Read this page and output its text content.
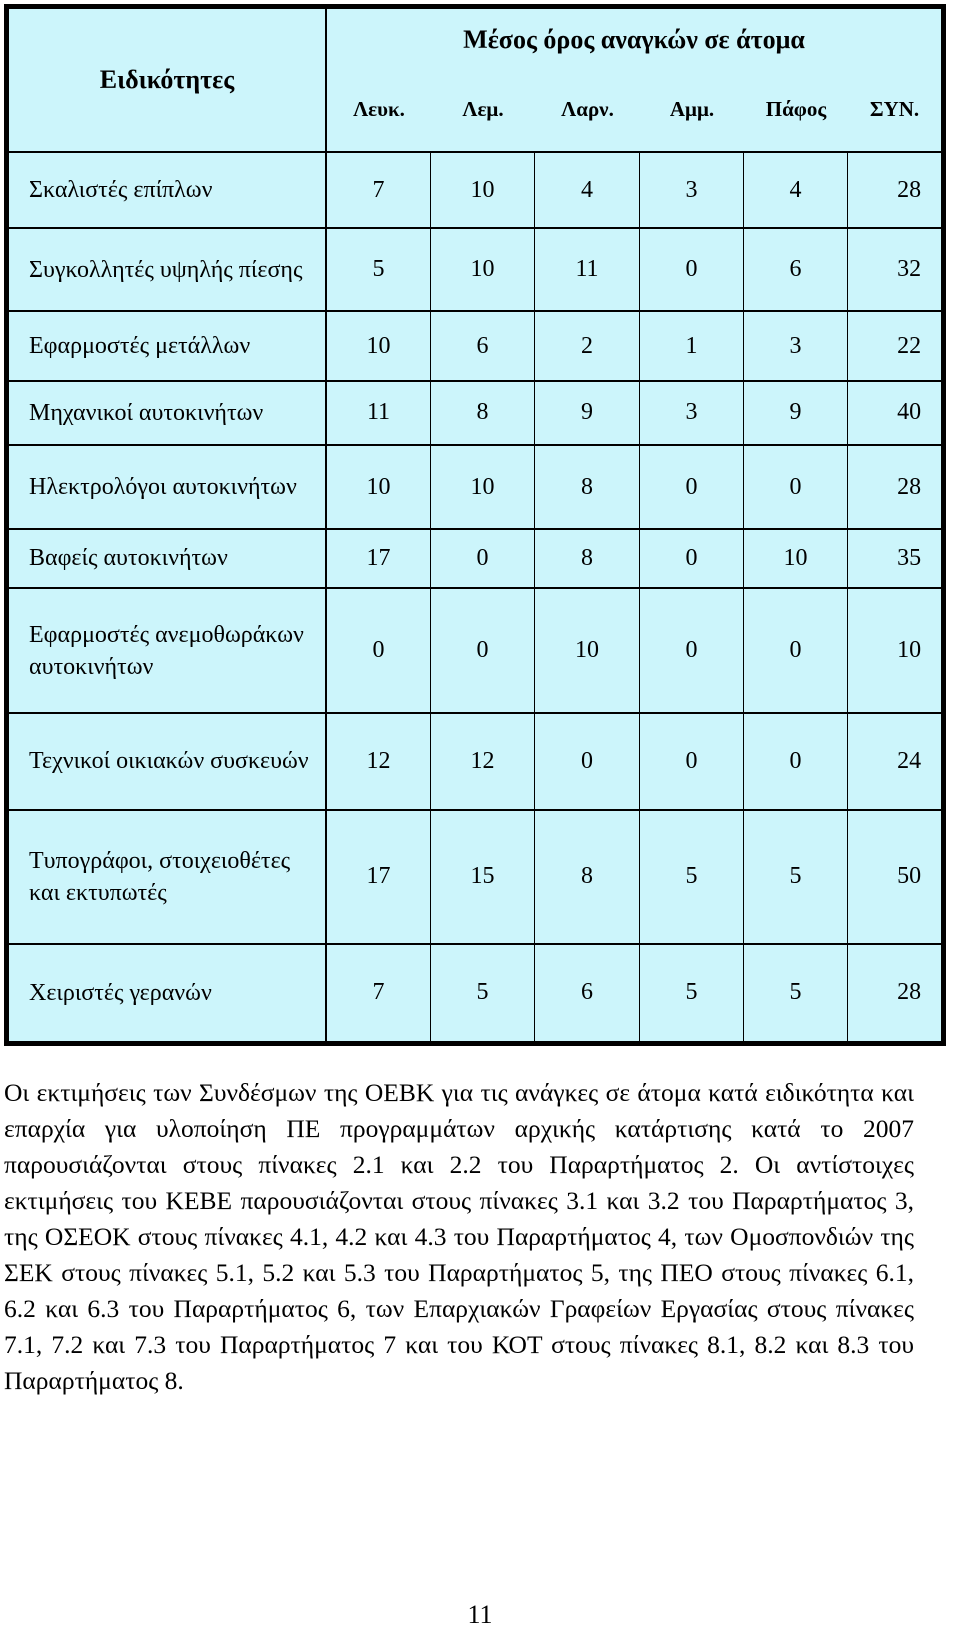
Ειδικότητες	Μέσος όρος αναγκών σε άτομα					
	Λευκ.	Λεμ.	Λαρν.	Αμμ.	Πάφος	ΣΥΝ.
Σκαλιστές επίπλων	7	10	4	3	4	28
Συγκολλητές υψηλής πίεσης	5	10	11	0	6	32
Εφαρμοστές μετάλλων	10	6	2	1	3	22
Μηχανικοί αυτοκινήτων	11	8	9	3	9	40
Ηλεκτρολόγοι αυτοκινήτων	10	10	8	0	0	28
Βαφείς αυτοκινήτων	17	0	8	0	10	35
Εφαρμοστές ανεμοθωράκων αυτοκινήτων	0	0	10	0	0	10
Τεχνικοί οικιακών συσκευών	12	12	0	0	0	24
Τυπογράφοι, στοιχειοθέτες και εκτυπωτές	17	15	8	5	5	50
Χειριστές γερανών	7	5	6	5	5	28

Οι εκτιμήσεις των Συνδέσμων της ΟΕΒΚ για τις ανάγκες σε άτομα κατά ειδικότητα και επαρχία για υλοποίηση ΠΕ προγραμμάτων αρχικής κατάρτισης κατά το 2007 παρουσιάζονται στους πίνακες 2.1 και 2.2 του Παραρτήματος 2. Οι αντίστοιχες εκτιμήσεις του ΚΕΒΕ παρουσιάζονται στους πίνακες 3.1 και 3.2 του Παραρτήματος 3, της ΟΣΕΟΚ στους πίνακες 4.1, 4.2 και 4.3 του Παραρτήματος 4, των Ομοσπονδιών της ΣΕΚ στους πίνακες 5.1, 5.2 και 5.3 του Παραρτήματος 5, της ΠΕΟ στους πίνακες 6.1, 6.2 και 6.3 του Παραρτήματος 6, των Επαρχιακών Γραφείων Εργασίας στους πίνακες 7.1, 7.2 και 7.3 του Παραρτήματος 7 και του ΚΟΤ στους πίνακες 8.1, 8.2 και 8.3 του Παραρτήματος 8.

11
